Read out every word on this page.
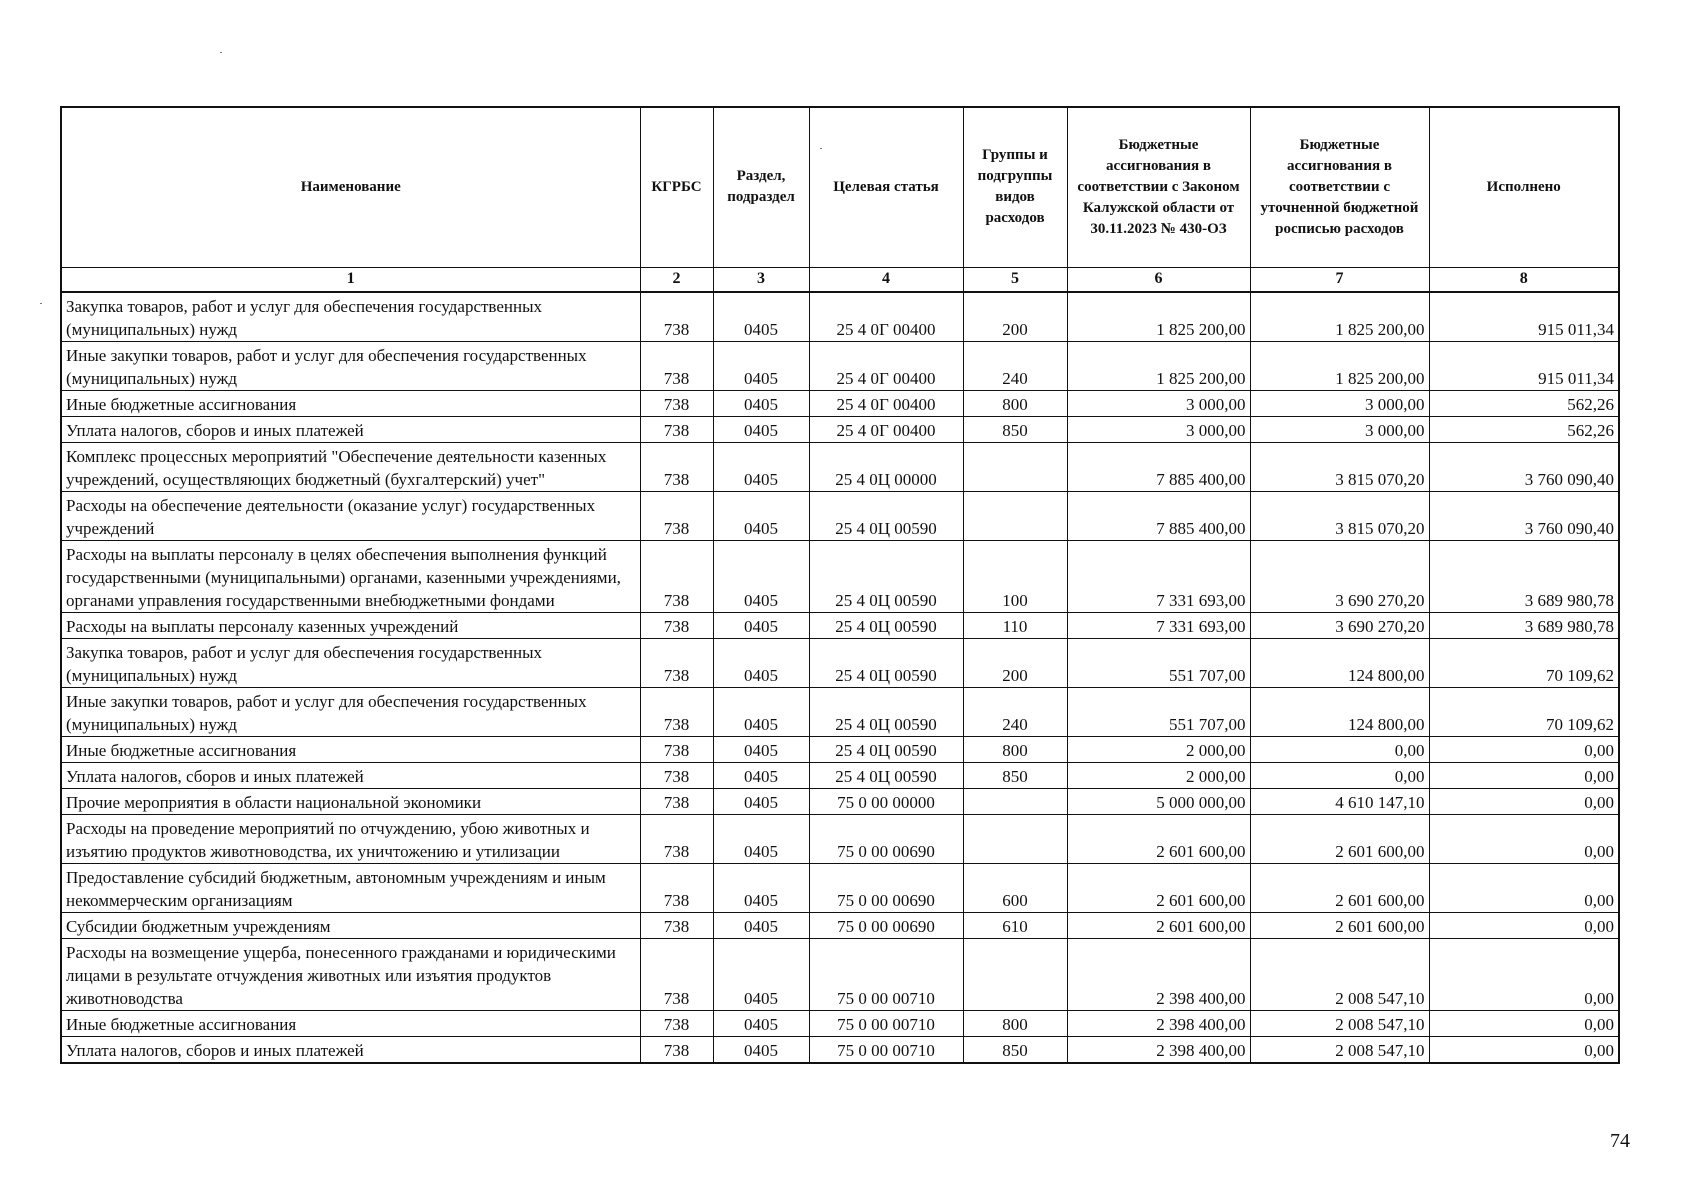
Наименование	КГРБС	Раздел, подраздел	Целевая статья	Группы и подгруппы видов расходов	Бюджетные ассигнования в соответствии с Законом Калужской области от 30.11.2023 № 430-ОЗ	Бюджетные ассигнования в соответствии с уточненной бюджетной росписью расходов	Исполнено
1	2	3	4	5	6	7	8
Закупка товаров, работ и услуг для обеспечения государственных (муниципальных) нужд	738	0405	25 4 0Г 00400	200	1 825 200,00	1 825 200,00	915 011,34
Иные закупки товаров, работ и услуг для обеспечения государственных (муниципальных) нужд	738	0405	25 4 0Г 00400	240	1 825 200,00	1 825 200,00	915 011,34
Иные бюджетные ассигнования	738	0405	25 4 0Г 00400	800	3 000,00	3 000,00	562,26
Уплата налогов, сборов и иных платежей	738	0405	25 4 0Г 00400	850	3 000,00	3 000,00	562,26
Комплекс процессных мероприятий "Обеспечение деятельности казенных учреждений, осуществляющих бюджетный (бухгалтерский) учет"	738	0405	25 4 0Ц 00000		7 885 400,00	3 815 070,20	3 760 090,40
Расходы на обеспечение деятельности (оказание услуг) государственных учреждений	738	0405	25 4 0Ц 00590		7 885 400,00	3 815 070,20	3 760 090,40
Расходы на выплаты персоналу в целях обеспечения выполнения функций государственными (муниципальными) органами, казенными учреждениями, органами управления государственными внебюджетными фондами	738	0405	25 4 0Ц 00590	100	7 331 693,00	3 690 270,20	3 689 980,78
Расходы на выплаты персоналу казенных учреждений	738	0405	25 4 0Ц 00590	110	7 331 693,00	3 690 270,20	3 689 980,78
Закупка товаров, работ и услуг для обеспечения государственных (муниципальных) нужд	738	0405	25 4 0Ц 00590	200	551 707,00	124 800,00	70 109,62
Иные закупки товаров, работ и услуг для обеспечения государственных (муниципальных) нужд	738	0405	25 4 0Ц 00590	240	551 707,00	124 800,00	70 109,62
Иные бюджетные ассигнования	738	0405	25 4 0Ц 00590	800	2 000,00	0,00	0,00
Уплата налогов, сборов и иных платежей	738	0405	25 4 0Ц 00590	850	2 000,00	0,00	0,00
Прочие мероприятия в области национальной экономики	738	0405	75 0 00 00000		5 000 000,00	4 610 147,10	0,00
Расходы на проведение мероприятий по отчуждению, убою животных и изъятию продуктов животноводства, их уничтожению и утилизации	738	0405	75 0 00 00690		2 601 600,00	2 601 600,00	0,00
Предоставление субсидий бюджетным, автономным учреждениям и иным некоммерческим организациям	738	0405	75 0 00 00690	600	2 601 600,00	2 601 600,00	0,00
Субсидии бюджетным учреждениям	738	0405	75 0 00 00690	610	2 601 600,00	2 601 600,00	0,00
Расходы на возмещение ущерба, понесенного гражданами и юридическими лицами в результате отчуждения животных или изъятия продуктов животноводства	738	0405	75 0 00 00710		2 398 400,00	2 008 547,10	0,00
Иные бюджетные ассигнования	738	0405	75 0 00 00710	800	2 398 400,00	2 008 547,10	0,00
Уплата налогов, сборов и иных платежей	738	0405	75 0 00 00710	850	2 398 400,00	2 008 547,10	0,00
74
